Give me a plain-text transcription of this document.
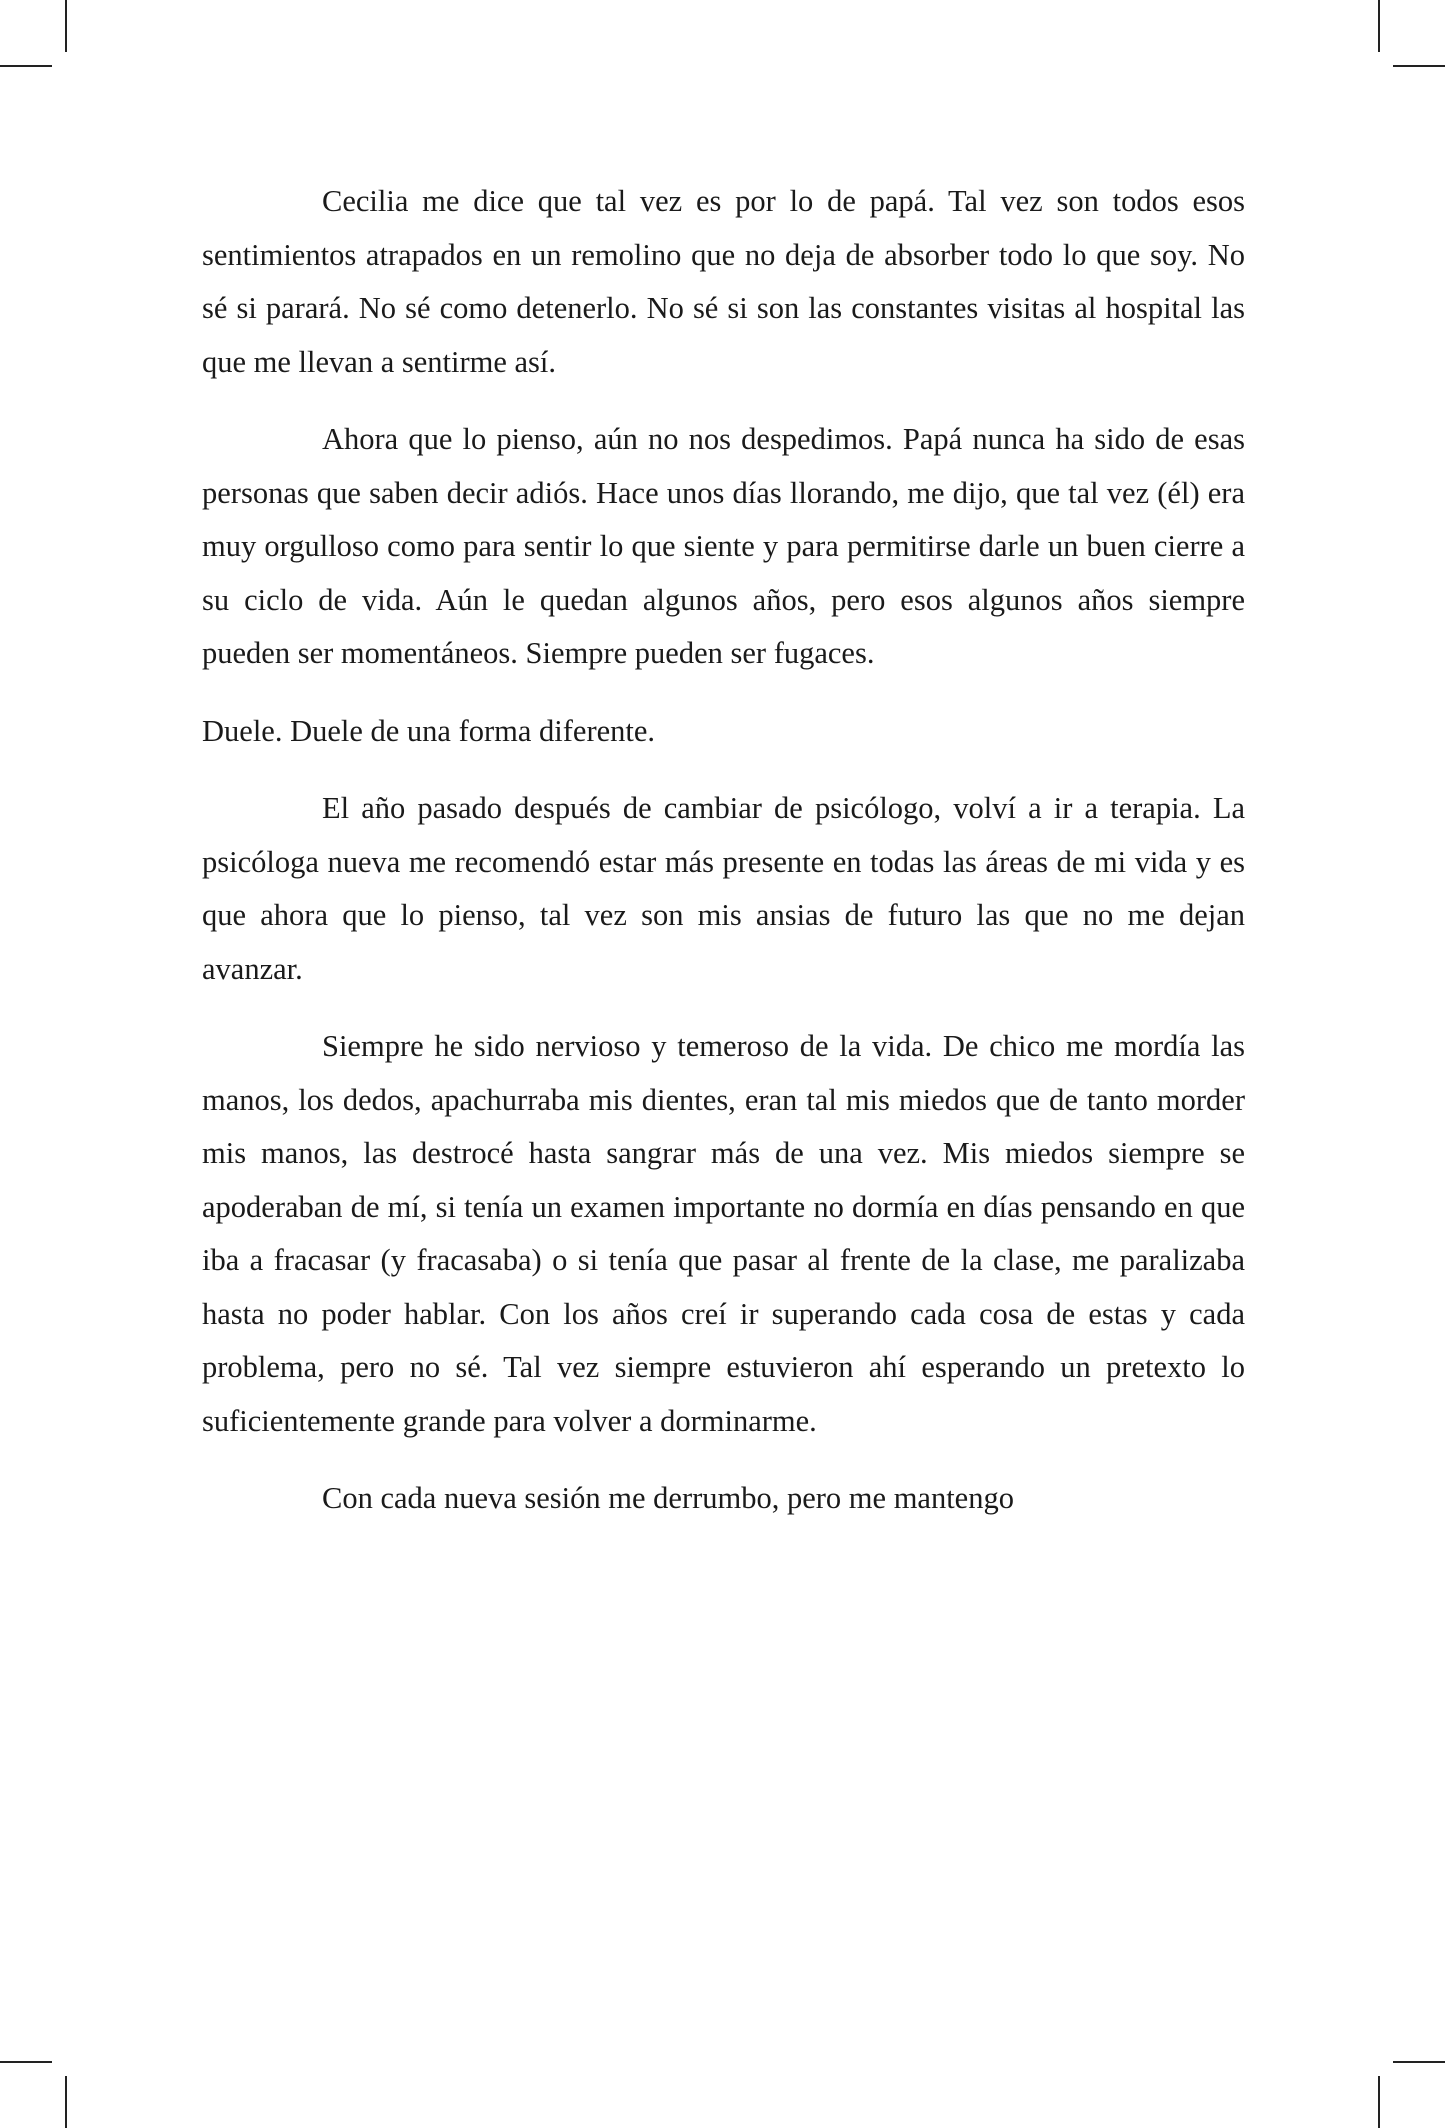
Cecilia me dice que tal vez es por lo de papá. Tal vez son todos esos sentimientos atrapados en un remolino que no deja de absorber todo lo que soy. No sé si parará. No sé como detenerlo. No sé si son las constantes visitas al hospital las que me llevan a sentirme así.

Ahora que lo pienso, aún no nos despedimos. Papá nunca ha sido de esas personas que saben decir adiós. Hace unos días llorando, me dijo, que tal vez (él) era muy orgulloso como para sentir lo que siente y para permitirse darle un buen cierre a su ciclo de vida. Aún le quedan algunos años, pero esos algunos años siempre pueden ser momentáneos. Siempre pueden ser fugaces.

Duele. Duele de una forma diferente.

El año pasado después de cambiar de psicólogo, volví a ir a terapia. La psicóloga nueva me recomendó estar más presente en todas las áreas de mi vida y es que ahora que lo pienso, tal vez son mis ansias de futuro las que no me dejan avanzar.

Siempre he sido nervioso y temeroso de la vida. De chico me mordía las manos, los dedos, apachurraba mis dientes, eran tal mis miedos que de tanto morder mis manos, las destrocé hasta sangrar más de una vez. Mis miedos siempre se apoderaban de mí, si tenía un examen importante no dormía en días pensando en que iba a fracasar (y fracasaba) o si tenía que pasar al frente de la clase, me paralizaba hasta no poder hablar. Con los años creí ir superando cada cosa de estas y cada problema, pero no sé. Tal vez siempre estuvieron ahí esperando un pretexto lo suficientemente grande para volver a dorminarme.

Con cada nueva sesión me derrumbo, pero me mantengo
